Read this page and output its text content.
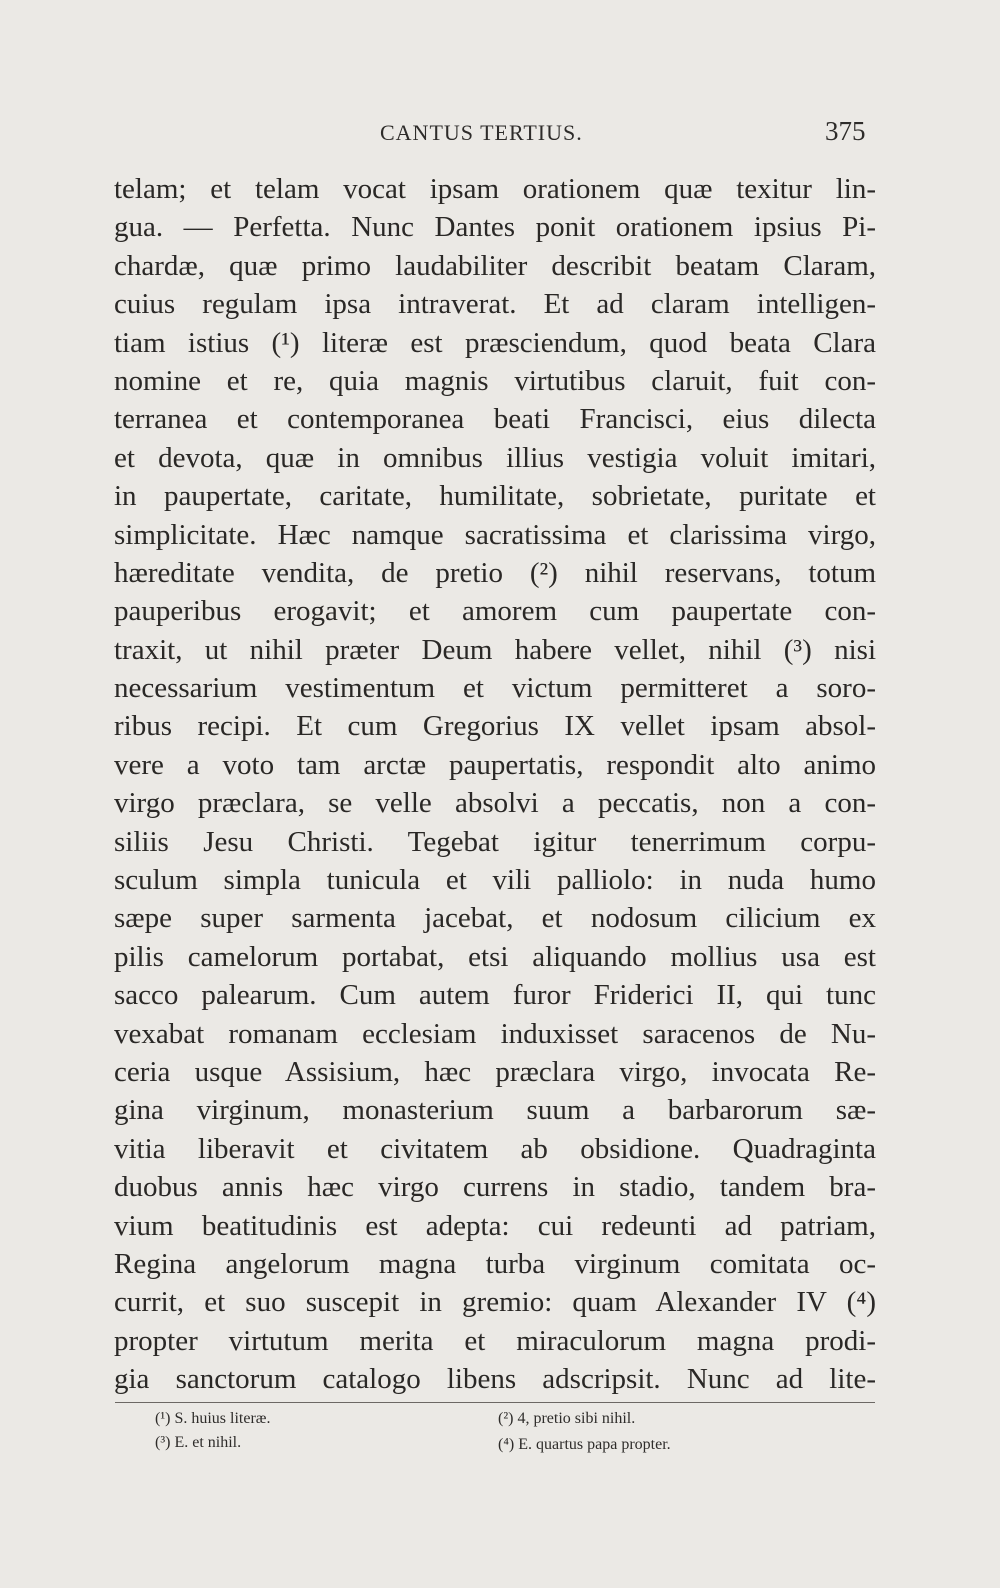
CANTUS TERTIUS.	375
telam; et telam vocat ipsam orationem quæ texitur lin-
gua. — Perfetta. Nunc Dantes ponit orationem ipsius Pi-
chardæ, quæ primo laudabiliter describit beatam Claram,
cuius regulam ipsa intraverat. Et ad claram intelligen-
tiam istius (¹) literæ est præsciendum, quod beata Clara
nomine et re, quia magnis virtutibus claruit, fuit con-
terranea et contemporanea beati Francisci, eius dilecta
et devota, quæ in omnibus illius vestigia voluit imitari,
in paupertate, caritate, humilitate, sobrietate, puritate et
simplicitate. Hæc namque sacratissima et clarissima virgo,
hæreditate vendita, de pretio (²) nihil reservans, totum
pauperibus erogavit; et amorem cum paupertate con-
traxit, ut nihil præter Deum habere vellet, nihil (³) nisi
necessarium vestimentum et victum permitteret a soro-
ribus recipi. Et cum Gregorius IX vellet ipsam absol-
vere a voto tam arctæ paupertatis, respondit alto animo
virgo præclara, se velle absolvi a peccatis, non a con-
siliis Jesu Christi. Tegebat igitur tenerrimum corpu-
sculum simpla tunicula et vili palliolo: in nuda humo
sæpe super sarmenta jacebat, et nodosum cilicium ex
pilis camelorum portabat, etsi aliquando mollius usa est
sacco palearum. Cum autem furor Friderici II, qui tunc
vexabat romanam ecclesiam induxisset saracenos de Nu-
ceria usque Assisium, hæc præclara virgo, invocata Re-
gina virginum, monasterium suum a barbarorum sæ-
vitia liberavit et civitatem ab obsidione. Quadraginta
duobus annis hæc virgo currens in stadio, tandem bra-
vium beatitudinis est adepta: cui redeunti ad patriam,
Regina angelorum magna turba virginum comitata oc-
currit, et suo suscepit in gremio: quam Alexander IV (⁴)
propter virtutum merita et miraculorum magna prodi-
gia sanctorum catalogo libens adscripsit. Nunc ad lite-
(¹) S. huius literæ.	(²) 4, pretio sibi nihil.
(³) E. et nihil.	(⁴) E. quartus papa propter.
